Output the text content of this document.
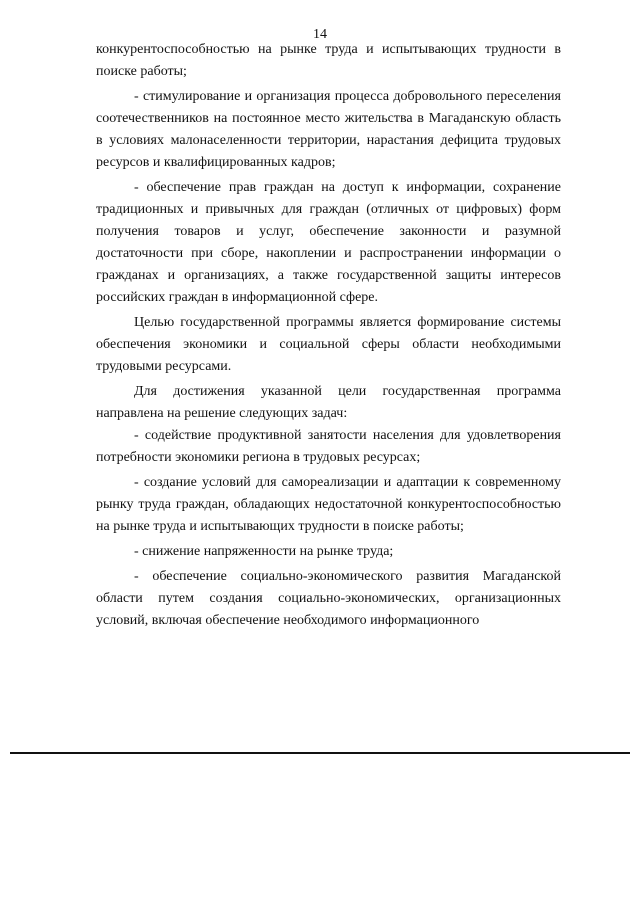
14

конкурентоспособностью на рынке труда и испытывающих трудности в поиске работы;

- стимулирование и организация процесса добровольного переселения соотечественников на постоянное место жительства в Магаданскую область в условиях малонаселенности территории, нарастания дефицита трудовых ресурсов и квалифицированных кадров;

- обеспечение прав граждан на доступ к информации, сохранение традиционных и привычных для граждан (отличных от цифровых) форм получения товаров и услуг, обеспечение законности и разумной достаточности при сборе, накоплении и распространении информации о гражданах и организациях, а также государственной защиты интересов российских граждан в информационной сфере.

Целью государственной программы является формирование системы обеспечения экономики и социальной сферы области необходимыми трудовыми ресурсами.

Для достижения указанной цели государственная программа направлена на решение следующих задач:

- содействие продуктивной занятости населения для удовлетворения потребности экономики региона в трудовых ресурсах;

- создание условий для самореализации и адаптации к современному рынку труда граждан, обладающих недостаточной конкурентоспособностью на рынке труда и испытывающих трудности в поиске работы;

- снижение напряженности на рынке труда;

- обеспечение социально-экономического развития Магаданской области путем создания социально-экономических, организационных условий, включая обеспечение необходимого информационного
